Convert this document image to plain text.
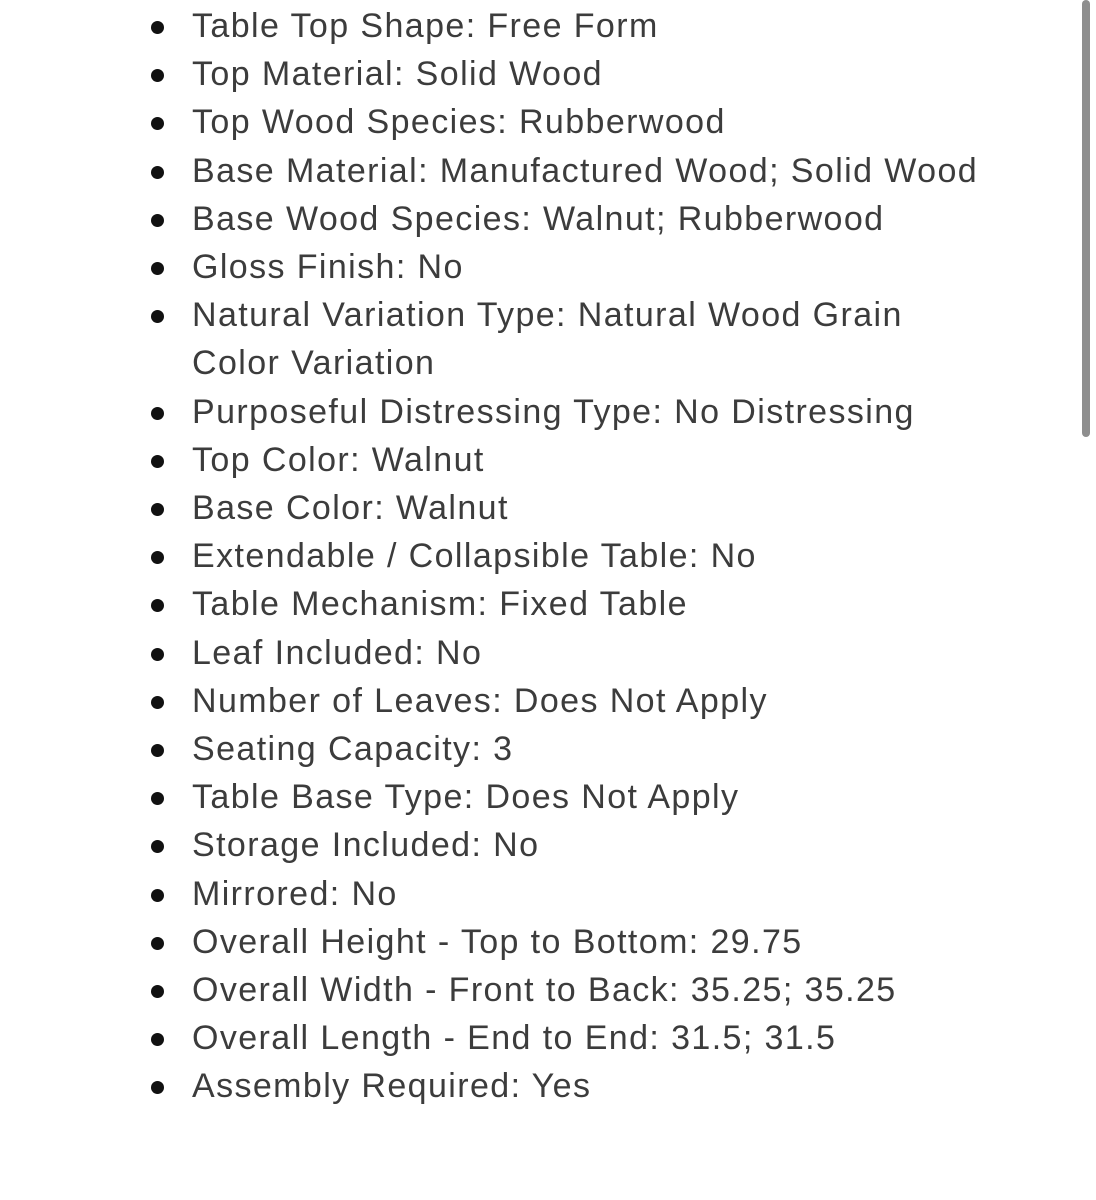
Table Top Shape: Free Form
Top Material: Solid Wood
Top Wood Species: Rubberwood
Base Material: Manufactured Wood; Solid Wood
Base Wood Species: Walnut; Rubberwood
Gloss Finish: No
Natural Variation Type: Natural Wood Grain Color Variation
Purposeful Distressing Type: No Distressing
Top Color: Walnut
Base Color: Walnut
Extendable / Collapsible Table: No
Table Mechanism: Fixed Table
Leaf Included: No
Number of Leaves: Does Not Apply
Seating Capacity: 3
Table Base Type: Does Not Apply
Storage Included: No
Mirrored: No
Overall Height - Top to Bottom: 29.75
Overall Width - Front to Back: 35.25; 35.25
Overall Length - End to End: 31.5; 31.5
Assembly Required: Yes
